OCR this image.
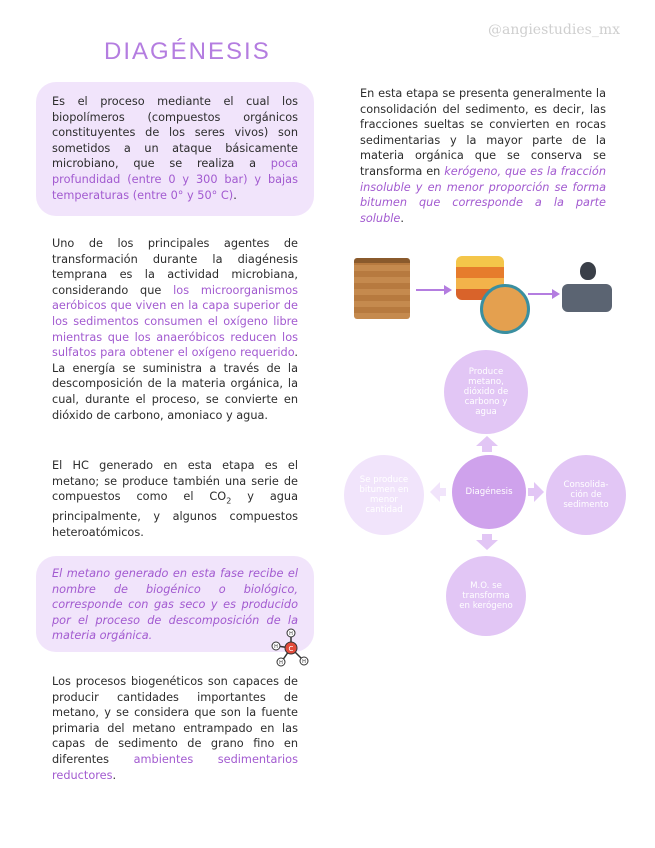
@angiestudies_mx
DIAGÉNESIS

Es el proceso mediante el cual los biopolímeros (compuestos orgánicos constituyentes de los seres vivos) son sometidos a un ataque básicamente microbiano, que se realiza a poca profundidad (entre 0 y 300 bar) y bajas temperaturas (entre 0° y 50° C).

Uno de los principales agentes de transformación durante la diagénesis temprana es la actividad microbiana, considerando que los microorganismos aeróbicos que viven en la capa superior de los sedimentos consumen el oxígeno libre mientras que los anaeróbicos reducen los sulfatos para obtener el oxígeno requerido. La energía se suministra a través de la descomposición de la materia orgánica, la cual, durante el proceso, se convierte en dióxido de carbono, amoniaco y agua.

El HC generado en esta etapa es el metano; se produce también una serie de compuestos como el $CO_2$ y agua principalmente, y algunos compuestos heteroatómicos.

El metano generado en esta fase recibe el nombre de biogénico o biológico, corresponde con gas seco y es producido por el proceso de descomposición de la materia orgánica.

C
H
H
H
H

Los procesos biogenéticos son capaces de producir cantidades importantes de metano, y se considera que son la fuente primaria del metano entrampado en las capas de sedimento de grano fino en diferentes ambientes sedimentarios reductores.

En esta etapa se presenta generalmente la consolidación del sedimento, es decir, las fracciones sueltas se convierten en rocas sedimentarias y la mayor parte de la materia orgánica que se conserva se transforma en kerógeno, que es la fracción insoluble y en menor proporción se forma bitumen que corresponde a la parte soluble.

Produce metano, dióxido de carbono y agua
Se produce bitumen en menor cantidad
Diagénesis
Consolida-ción de sedimento
M.O. se transforma en kerógeno
